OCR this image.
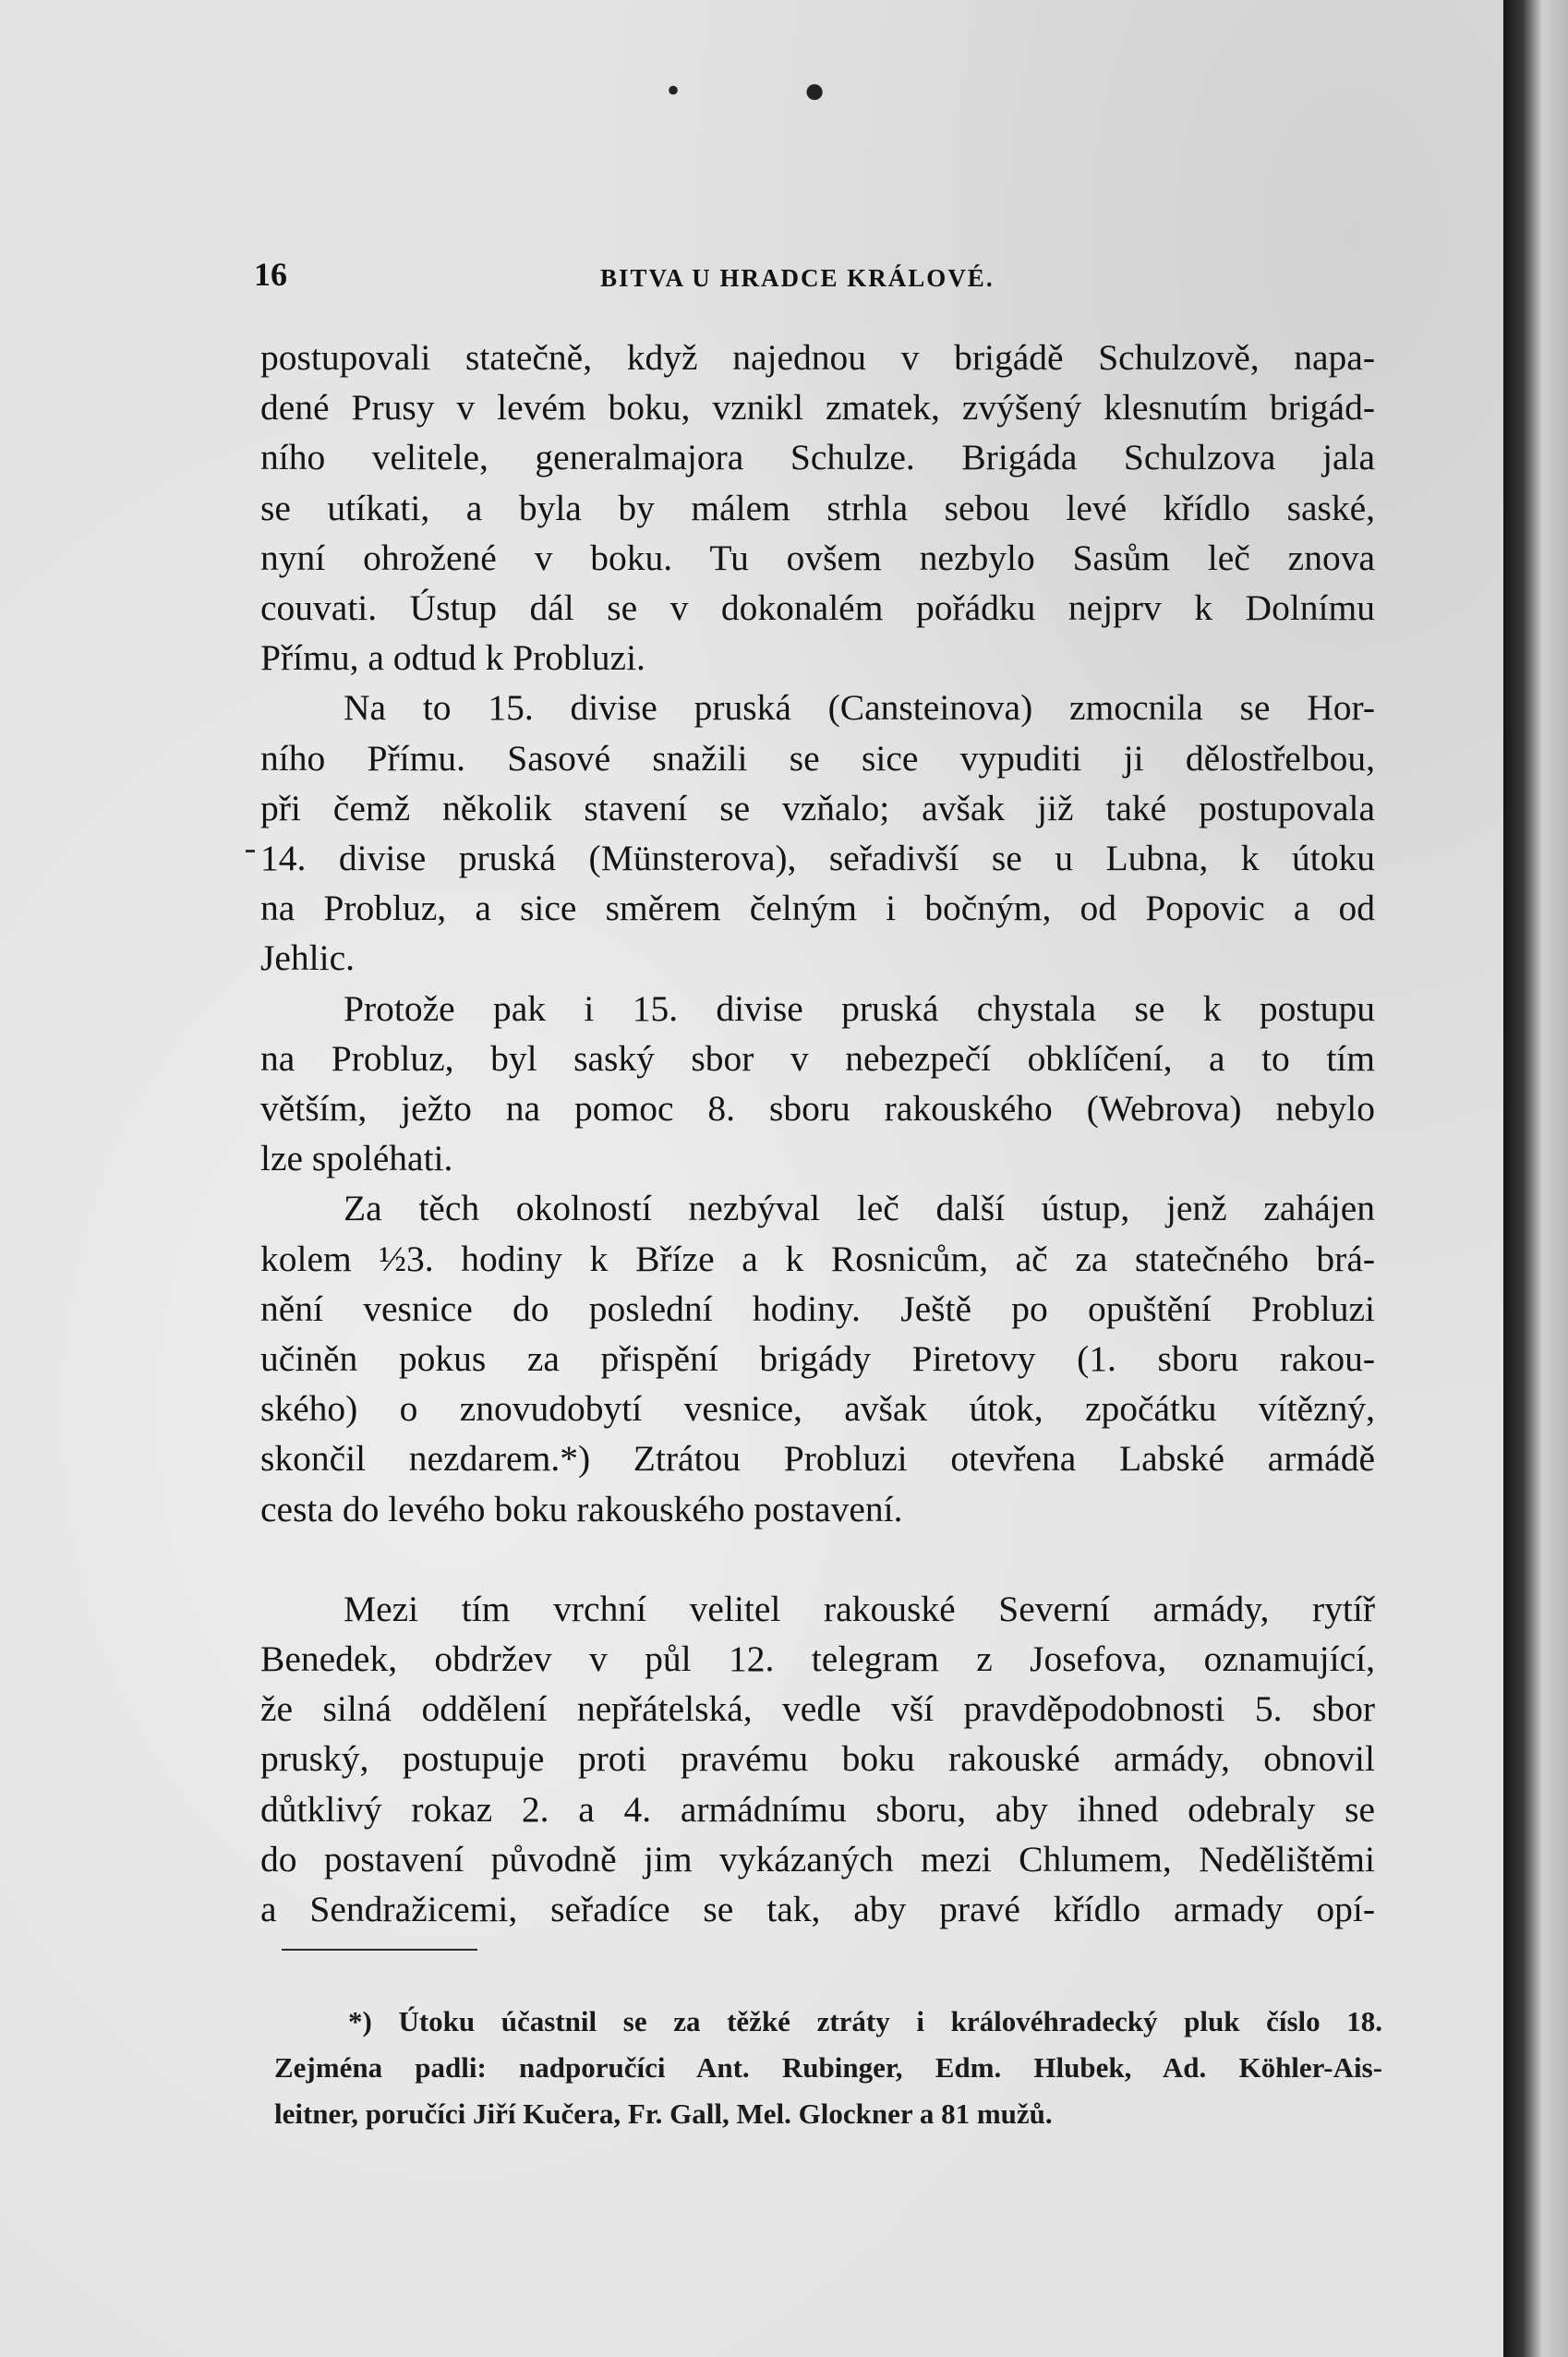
•	●
16	BITVA U HRADCE KRÁLOVÉ.

postupovali statečně, když najednou v brigádě Schulzově, napa-
dené Prusy v levém boku, vznikl zmatek, zvýšený klesnutím brigád-
ního velitele, generalmajora Schulze. Brigáda Schulzova jala
se utíkati, a byla by málem strhla sebou levé křídlo saské,
nyní ohrožené v boku. Tu ovšem nezbylo Sasům leč znova
couvati. Ústup dál se v dokonalém pořádku nejprv k Dolnímu
Přímu, a odtud k Probluzi.

Na to 15. divise pruská (Cansteinova) zmocnila se Hor-
ního Přímu. Sasové snažili se sice vypuditi ji dělostřelbou,
při čemž několik stavení se vzňalo; avšak již také postupovala
14. divise pruská (Münsterova), seřadivší se u Lubna, k útoku
na Probluz, a sice směrem čelným i bočným, od Popovic a od
Jehlic.

Protože pak i 15. divise pruská chystala se k postupu
na Probluz, byl saský sbor v nebezpečí obklíčení, a to tím
větším, ježto na pomoc 8. sboru rakouského (Webrova) nebylo
lze spoléhati.

Za těch okolností nezbýval leč další ústup, jenž zahájen
kolem ½3. hodiny k Bříze a k Rosnicům, ač za statečného brá-
nění vesnice do poslední hodiny. Ještě po opuštění Probluzi
učiněn pokus za přispění brigády Piretovy (1. sboru rakou-
ského) o znovudobytí vesnice, avšak útok, zpočátku vítězný,
skončil nezdarem.*) Ztrátou Probluzi otevřena Labské armádě
cesta do levého boku rakouského postavení.

Mezi tím vrchní velitel rakouské Severní armády, rytíř
Benedek, obdržev v půl 12. telegram z Josefova, oznamující,
že silná oddělení nepřátelská, vedle vší pravděpodobnosti 5. sbor
pruský, postupuje proti pravému boku rakouské armády, obnovil
důtklivý rokaz 2. a 4. armádnímu sboru, aby ihned odebraly se
do postavení původně jim vykázaných mezi Chlumem, Nedělištěmi
a Sendražicemi, seřadíce se tak, aby pravé křídlo armady opí-

*) Útoku účastnil se za těžké ztráty i královéhradecký pluk číslo 18.
Zejména padli: nadporučíci Ant. Rubinger, Edm. Hlubek, Ad. Köhler-Ais-
leitner, poručíci Jiří Kučera, Fr. Gall, Mel. Glockner a 81 mužů.
